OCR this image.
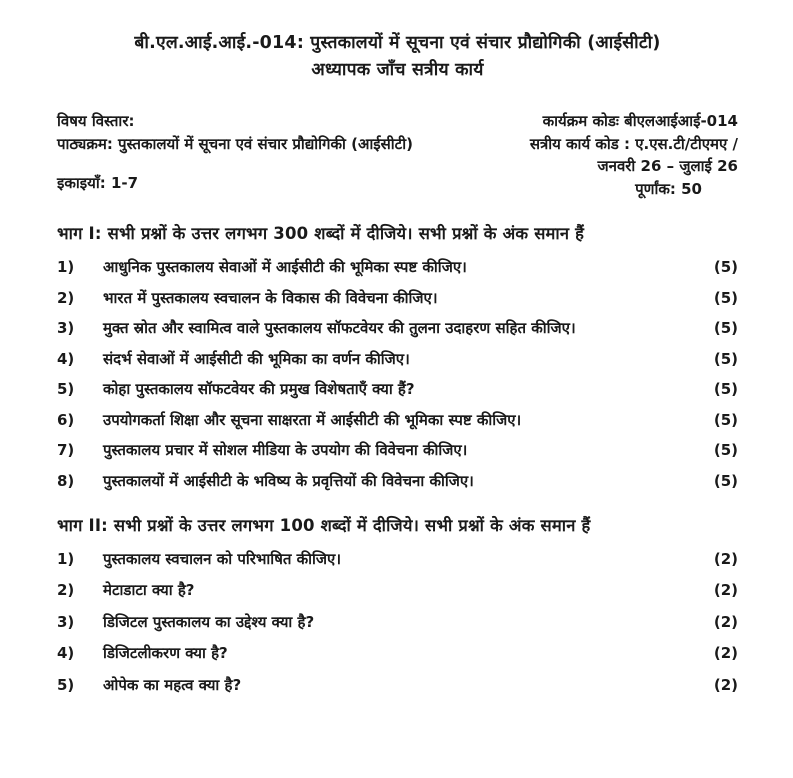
बी.एल.आई.आई.-014: पुस्तकालयों में सूचना एवं संचार प्रौद्योगिकी (आईसीटी)
अध्यापक जाँच सत्रीय कार्य
विषय विस्तार:
पाठ्यक्रम: पुस्तकालयों में सूचना एवं संचार प्रौद्योगिकी (आईसीटी)
इकाइयाँ: 1-7
कार्यक्रम कोडः बीएलआईआई-014
सत्रीय कार्य कोड : ए.एस.टी/टीएमए /
जनवरी 26 – जुलाई 26
पूर्णांक: 50
भाग I: सभी प्रश्नों के उत्तर लगभग 300 शब्दों में दीजिये। सभी प्रश्नों के अंक समान हैं
1)	आधुनिक पुस्तकालय सेवाओं में आईसीटी की भूमिका स्पष्ट कीजिए।	(5)
2)	भारत में पुस्तकालय स्वचालन के विकास की विवेचना कीजिए।	(5)
3)	मुक्त स्रोत और स्वामित्व वाले पुस्तकालय सॉफटवेयर की तुलना उदाहरण सहित कीजिए।	(5)
4)	संदर्भ सेवाओं में आईसीटी की भूमिका का वर्णन कीजिए।	(5)
5)	कोहा पुस्तकालय सॉफटवेयर की प्रमुख विशेषताएँ क्या हैं?	(5)
6)	उपयोगकर्ता शिक्षा और सूचना साक्षरता में आईसीटी की भूमिका स्पष्ट कीजिए।	(5)
7)	पुस्तकालय प्रचार में सोशल मीडिया के उपयोग की विवेचना कीजिए।	(5)
8)	पुस्तकालयों में आईसीटी के भविष्य के प्रवृत्तियों की विवेचना कीजिए।	(5)
भाग II: सभी प्रश्नों के उत्तर लगभग 100 शब्दों में दीजिये। सभी प्रश्नों के अंक समान हैं
1)	पुस्तकालय स्वचालन को परिभाषित कीजिए।	(2)
2)	मेटाडाटा क्या है?	(2)
3)	डिजिटल पुस्तकालय का उद्देश्य क्या है?	(2)
4)	डिजिटलीकरण क्या है?	(2)
5)	ओपेक का महत्व क्या है?	(2)
